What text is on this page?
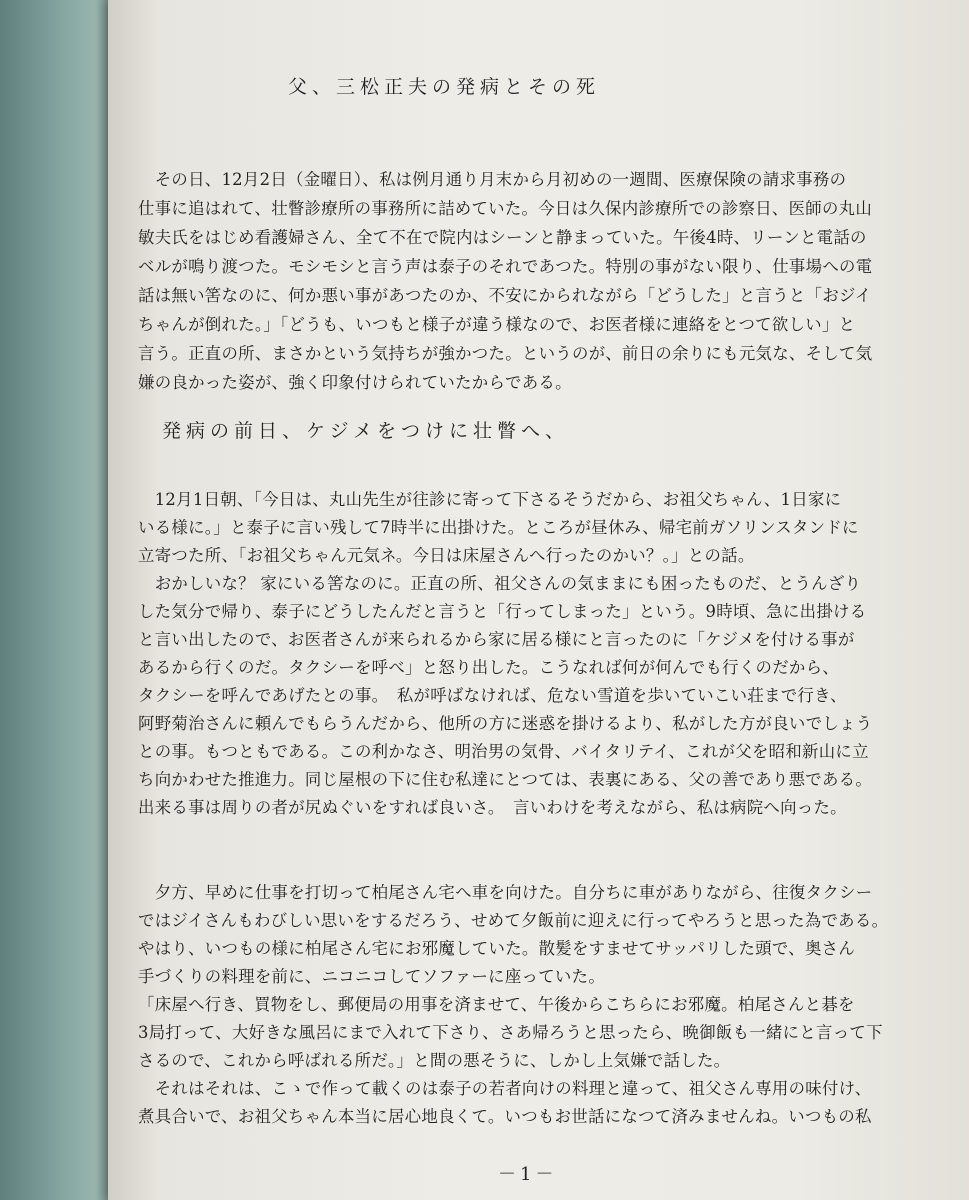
父、三松正夫の発病とその死
発病の前日、ケジメをつけに壮瞥へ、
　その日、12月2日（金曜日）、私は例月通り月末から月初めの一週間、医療保険の請求事務の
仕事に追はれて、壮瞥診療所の事務所に詰めていた。今日は久保内診療所での診察日、医師の丸山
敏夫氏をはじめ看護婦さん、全て不在で院内はシーンと静まっていた。午後4時、リーンと電話の
ベルが鳴り渡つた。モシモシと言う声は泰子のそれであつた。特別の事がない限り、仕事場への電
話は無い筈なのに、何か悪い事があつたのか、不安にかられながら「どうした」と言うと「おジイ
ちゃんが倒れた。」「どうも、いつもと様子が違う様なので、お医者様に連絡をとつて欲しい」と
言う。正直の所、まさかという気持ちが強かつた。というのが、前日の余りにも元気な、そして気
嫌の良かった姿が、強く印象付けられていたからである。
　12月1日朝、「今日は、丸山先生が往診に寄って下さるそうだから、お祖父ちゃん、1日家に
いる様に。」と泰子に言い残して7時半に出掛けた。ところが昼休み、帰宅前ガソリンスタンドに
立寄つた所、「お祖父ちゃん元気ネ。今日は床屋さんへ行ったのかい？。」との話。
　おかしいな？ 家にいる筈なのに。正直の所、祖父さんの気ままにも困ったものだ、とうんざり
した気分で帰り、泰子にどうしたんだと言うと「行ってしまった」という。9時頃、急に出掛ける
と言い出したので、お医者さんが来られるから家に居る様にと言ったのに「ケジメを付ける事が
あるから行くのだ。タクシーを呼べ」と怒り出した。こうなれば何が何んでも行くのだから、
タクシーを呼んであげたとの事。　私が呼ばなければ、危ない雪道を歩いていこい荘まで行き、
阿野菊治さんに頼んでもらうんだから、他所の方に迷惑を掛けるより、私がした方が良いでしょう
との事。もつともである。この利かなさ、明治男の気骨、バイタリテイ、これが父を昭和新山に立
ち向かわせた推進力。同じ屋根の下に住む私達にとつては、表裏にある、父の善であり悪である。
出来る事は周りの者が尻ぬぐいをすれば良いさ。　言いわけを考えながら、私は病院へ向った。
　夕方、早めに仕事を打切って柏尾さん宅へ車を向けた。自分ちに車がありながら、往復タクシー
ではジイさんもわびしい思いをするだろう、せめて夕飯前に迎えに行ってやろうと思った為である。
やはり、いつもの様に柏尾さん宅にお邪魔していた。散髪をすませてサッパリした頭で、奥さん
手づくりの料理を前に、ニコニコしてソファーに座っていた。
「床屋へ行き、買物をし、郵便局の用事を済ませて、午後からこちらにお邪魔。柏尾さんと碁を
3局打って、大好きな風呂にまで入れて下さり、さあ帰ろうと思ったら、晩御飯も一緒にと言って下
さるので、これから呼ばれる所だ。」と間の悪そうに、しかし上気嫌で話した。
　それはそれは、こゝで作って載くのは泰子の若者向けの料理と違って、祖父さん専用の味付け、
煮具合いで、お祖父ちゃん本当に居心地良くて。いつもお世話になつて済みませんね。いつもの私
－1－
